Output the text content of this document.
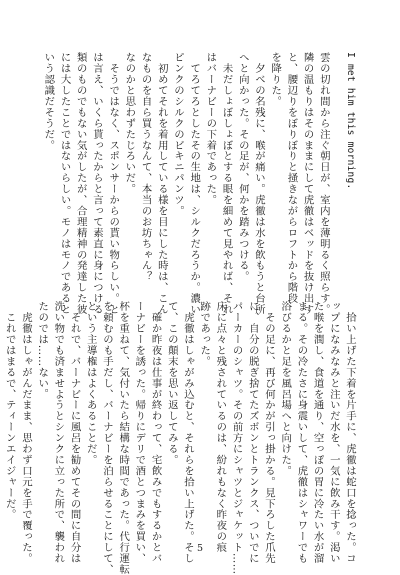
I met him this morning.
雲の切れ間から注ぐ朝日が、室内を薄明るく照らす。
隣の温もりはそのままにして虎徹はベッドを抜け出す
と、腰辺りをぼりぼりと掻きながらロフトから階段
を降りた。
　夕べの名残に、喉が痛い。虎徹は水を飲もうと台所
へと向かった。その足が、何かを踏みつける。
　未だしょぼしょぼとする眼を細めて見やれば、それ
はバーナビーの下着であった。
　てろてろとしたその生地は、シルクだろうか。濃い
ピンクのシルクのビキニパンツ。
　初めてそれを着用している様を目にした時は、こん
なものを自ら買うなんて、本当のお坊ちゃん？
なのかと思わずたじろいだ。
　そうではなく、スポンサーからの貰い物らしい。と
は言え、いくら貰ったからと言って素直に身につける
類のものでもない気がしたが、合理精神の発達した彼
には大したことではないらしい。モノはモノであると
いう認識だそうだ。
　拾い上げた下着を片手に、虎徹は蛇口を捻った。コ
ップになみなみと注いだ水を、一気に飲み干す。渇い
た喉を潤し、食道を通り、空っぽの胃に冷たい水が溜
まる。その冷たさに身震いして、虎徹はシャワーでも
浴びるかと足を風呂場へと向けた。
　その足に、再び何かが引っ掛かる。見下ろした爪先
に、自分の脱ぎ捨てたズボンとトランクス、ついでに
パーカーのシャツ。その前方にシャツとジャケット……
床に点々と残されているのは、紛れもなく昨夜の痕
跡であった。
　虎徹はしゃがみ込むと、それらを拾い上げた。そし
て、この顛末を思い返してみる。
　確か昨夜は仕事が終わって、宅飲みでもするかとバ
ーナビーを誘った。帰りにデリで酒とつまみを買い、
杯を重ねて、気付いたら結構な時間であった。代行運転
を頼むのも手だし、バーナビーを泊らせることにして、
という主導権はよくあることだ。
　それで、バーナビーに風呂を勧めてその間に自分は
洗い物でも済ませようとシンクに立った所で、襲われ
たのでは……ない。
　虎徹はしゃがんだまま、思わず口元を手で覆った。
　これではまるで、ティーンエイジャーだ。
5
